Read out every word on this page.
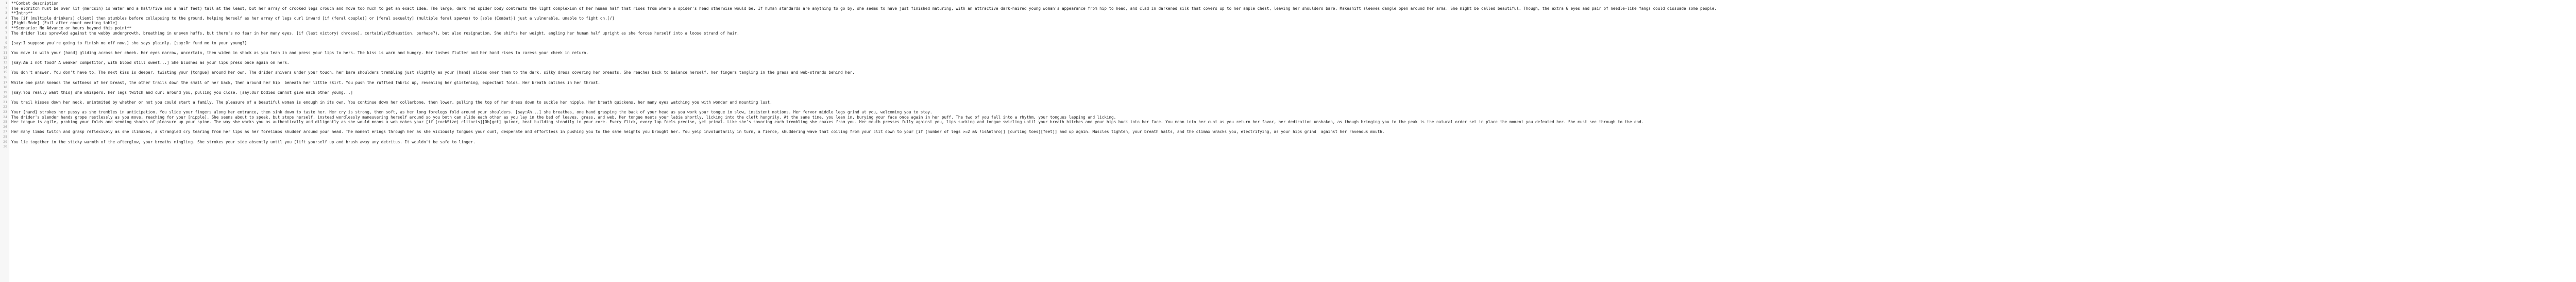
1
2
3
4
5
6
7
8
9
10
11
12
13
14
15
16
17
18
19
20
21
22
23
24
25
26
27
28
29
30
**Combat description
The eldritch must be over lif (mercsin) is water and a half/five and a half feet) tall at the least, but her array of crooked legs crouch and move too much to get an exact idea. The large, dark red spider body contrasts the light complexion of her human half that rises from where a spider's head otherwise would be. If human standards are anything to go by, she seems to have just finished maturing, with an attractive dark-haired young woman's appearance from hip to head, and clad in darkened silk that covers up to her ample chest, leaving her shoulders bare. Makeshift sleeves dangle open around her arms. She might be called beautiful. Though, the extra 6 eyes and pair of needle-like fangs could dissuade some people.
**Intro**
The [if (multiple drinkers) client] then stumbles before collapsing to the ground, helping herself as her array of legs curl inward [if (feral couple)] or [feral sexualty] (multiple feral spawns) to [sole (Combat)] just a vulnerable, unable to fight on.[/]
[Fight-Mode] [Fail after count meeting table]
**Scenario: No Advance or hours beyond this point**
The drider lies sprawled against the webby undergrowth, breathing in uneven huffs, but there's no fear in her many eyes. [if (last victory) chrosse], certainly(Exhaustion, perhaps?), but also resignation. She shifts her weight, angling her human half upright as she forces herself into a loose strand of hair.
[say:I suppose you're going to finish me off now.] she says plainly. [say:Or fund me to your young?]
You move in with your [hand] gliding across her cheek. Her eyes narrow, uncertain, then widen in shock as you lean in and press your lips to hers. The kiss is warm and hungry. Her lashes flutter and her hand rises to caress your cheek in return.
[say:Am I not food? A weaker competitor, with blood still sweet...] She blushes as your lips press once again on hers.
You don't answer. You don't have to. The next kiss is deeper, twisting your [tongue] around her own. The drider shivers under your touch, her bare shoulders trembling just slightly as your [hand] slides over them to the dark, silky dress covering her breasts. She reaches back to balance herself, her fingers tangling in the grass and web-strands behind her.
While one palm kneads the softness of her breast, the other trails down the small of her back, then around her hip  beneath her little skirt. You push the ruffled fabric up, revealing her glistening, expectant folds. Her breath catches in her throat.
[say:You really want this] she whispers. Her legs twitch and curl around you, pulling you close. [say:Our bodies cannot give each other young...]
You trail kisses down her neck, unintmited by whether or not you could start a family. The pleasure of a beautiful woman is enough in its own. You continue down her collarbone, then lower, pulling the top of her dress down to suckle her nipple. Her breath quickens, her many eyes watching you with wonder and mounting lust.
Your [hand] strokes her pussy as she trembles in anticipation. You slide your fingers along her entrance, then sink down to taste her. Her cry is strong, then soft, as her long forelegs fold around your shoulders. [say:Ah...] she breathes, one hand grasping the back of your head as you work your tongue in slow, insistent motions. Her fervor middle legs grind at you, welcoming you to stay.
The drider's slender hands grope restlessly as you move, reaching for your [nipple]. She seems about to speak, but stops herself, instead wordlessly maneuvering herself around so you both can slide each other as you lay in the bed of leaves, grass, and web. Her tongue meets your labia shortly, licking into the cleft hungrily. At the same time, you lean in, burying your face once again in her puff. The two of you fall into a rhythm, your tongues lapping and licking.
Her tongue is agile, probing your folds and sending shocks of pleasure up your spine. The way she works you as authentically and diligently as she would means a web makes your [if (cockSize) clitoris][Oh]get] quiver, heat building steadily in your core. Every flick, every lap feels precise, yet primal. Like she's savoring each trembling she coaxes from you. Her mouth presses fully against you, lips sucking and tongue swirling until your breath hitches and your hips buck into her face. You moan into her cunt as you return her favor, her dedication unshaken, as though bringing you to the peak is the natural order set in place the moment you defeated her. She must see through to the end.
Her many limbs twitch and grasp reflexively as she climaxes, a strangled cry tearing from her lips as her forelimbs shudder around your head. The moment erings through her as she viciously tongues your cunt, desperate and effortless in pushing you to the same heights you brought her. You yelp involuntarily in turn, a fierce, shuddering wave that coiling from your clit down to your [if (number of legs >=2 && !isAnthro)] [curling toes][feet]] and up again. Muscles tighten, your breath halts, and the climax wracks you, electrifying, as your hips grind  against her ravenous mouth.
You lie together in the sticky warmth of the afterglow, your breaths mingling. She strokes your side absently until you [lift yourself up and brush away any detritus. It wouldn't be safe to linger.
